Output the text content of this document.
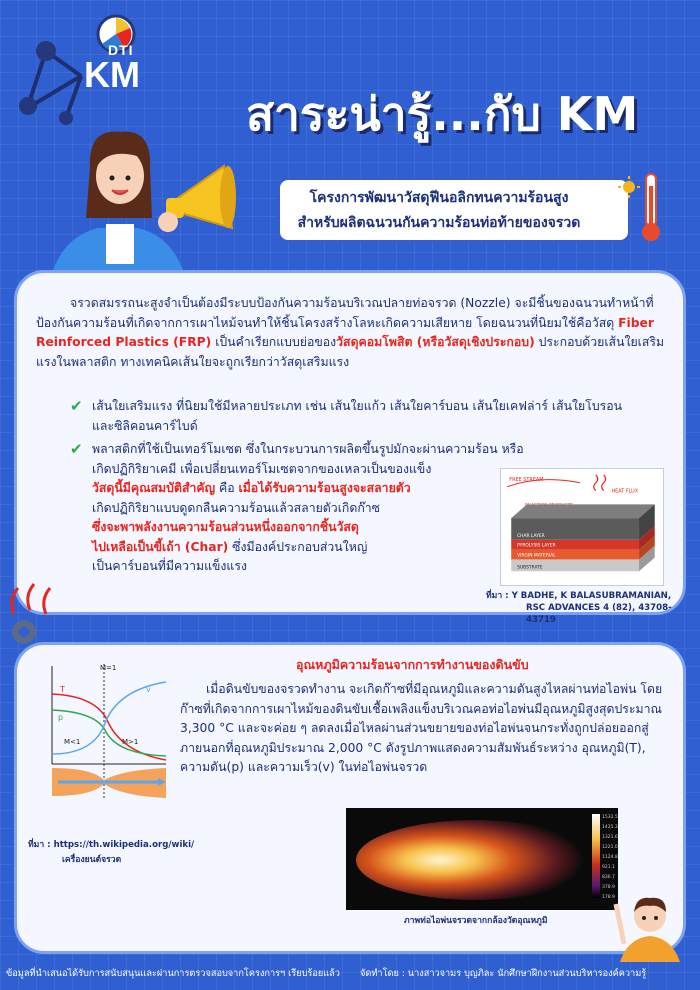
DTI
KM
สาระน่ารู้...กับ KM
โครงการพัฒนาวัสดุฟีนอลิกทนความร้อนสูง
สำหรับผลิตฉนวนกันความร้อนท่อท้ายของจรวด
จรวดสมรรถนะสูงจำเป็นต้องมีระบบป้องกันความร้อนบริเวณปลายท่อจรวด (Nozzle) จะมีชิ้นของฉนวนทำหน้าที่ป้องกันความร้อนที่เกิดจากการเผาไหม้จนทำให้ชิ้นโครงสร้างโลหะเกิดความเสียหาย โดยฉนวนที่นิยมใช้คือวัสดุ Fiber Reinforced Plastics (FRP) เป็นคำเรียกแบบย่อของวัสดุคอมโพสิต (หรือวัสดุเชิงประกอบ) ประกอบด้วยเส้นใยเสริมแรงในพลาสติก ทางเทคนิคเส้นใยจะถูกเรียกว่าวัสดุเสริมแรง
✔ เส้นใยเสริมแรง ที่นิยมใช้มีหลายประเภท เช่น เส้นใยแก้ว เส้นใยคาร์บอน เส้นใยเคฟล่าร์ เส้นใยโบรอน และซิลิคอนคาร์ไบด์
✔ พลาสติกที่ใช้เป็นเทอร์โมเซต ซึ่งในกระบวนการผลิตขึ้นรูปมักจะผ่านความร้อน หรือ
เกิดปฏิกิริยาเคมี เพื่อเปลี่ยนเทอร์โมเซตจากของเหลวเป็นของแข็ง
วัสดุนี้มีคุณสมบัติสำคัญ คือ เมื่อได้รับความร้อนสูงจะสลายตัว
เกิดปฏิกิริยาแบบดูดกลืนความร้อนแล้วสลายตัวเกิดก๊าซ
ซึ่งจะพาพลังงานความร้อนส่วนหนึ่งออกจากชิ้นวัสดุ
ไปเหลือเป็นขี้เถ้า (Char) ซึ่งมีองค์ประกอบส่วนใหญ่
เป็นคาร์บอนที่มีความแข็งแรง
FREE STREAM
HEAT FLUX
CHAR LAYER
PYROLYSIS LAYER
VIRGIN MATERIAL
SUBSTRATE
ที่มา : Y BADHE, K BALASUBRAMANIAN,
RSC ADVANCES 4 (82), 43708-43719
อุณหภูมิความร้อนจากการทำงานของดินขับ
เมื่อดินขับของจรวดทำงาน จะเกิดก๊าซที่มีอุณหภูมิและความดันสูงไหลผ่านท่อไอพ่น โดยก๊าซที่เกิดจากการเผาไหม้ของดินขับเชื้อเพลิงแข็งบริเวณคอท่อไอพ่นมีอุณหภูมิสูงสุดประมาณ 3,300 °C และจะค่อย ๆ ลดลงเมื่อไหลผ่านส่วนขยายของท่อไอพ่นจนกระทั่งถูกปล่อยออกสู่ภายนอกที่อุณหภูมิประมาณ 2,000 °C ดังรูปภาพแสดงความสัมพันธ์ระหว่าง อุณหภูมิ(T), ความดัน(p) และความเร็ว(v) ในท่อไอพ่นจรวด
M=1
T
p
v
M<1	M>1
ที่มา : https://th.wikipedia.org/wiki/
เครื่องยนต์จรวด
1532.5
1425.3
1321.6
1221.0
1124.8
921.1
836.7
378.9
178.9
ภาพท่อไอพ่นจรวดจากกล้องวัดอุณหภูมิ
ข้อมูลที่นำเสนอได้รับการสนับสนุนและผ่านการตรวจสอบจากโครงการฯ เรียบร้อยแล้ว จัดทำโดย : นางสาวจามร บุญภิละ นักศึกษาฝึกงานส่วนบริหารองค์ความรู้
